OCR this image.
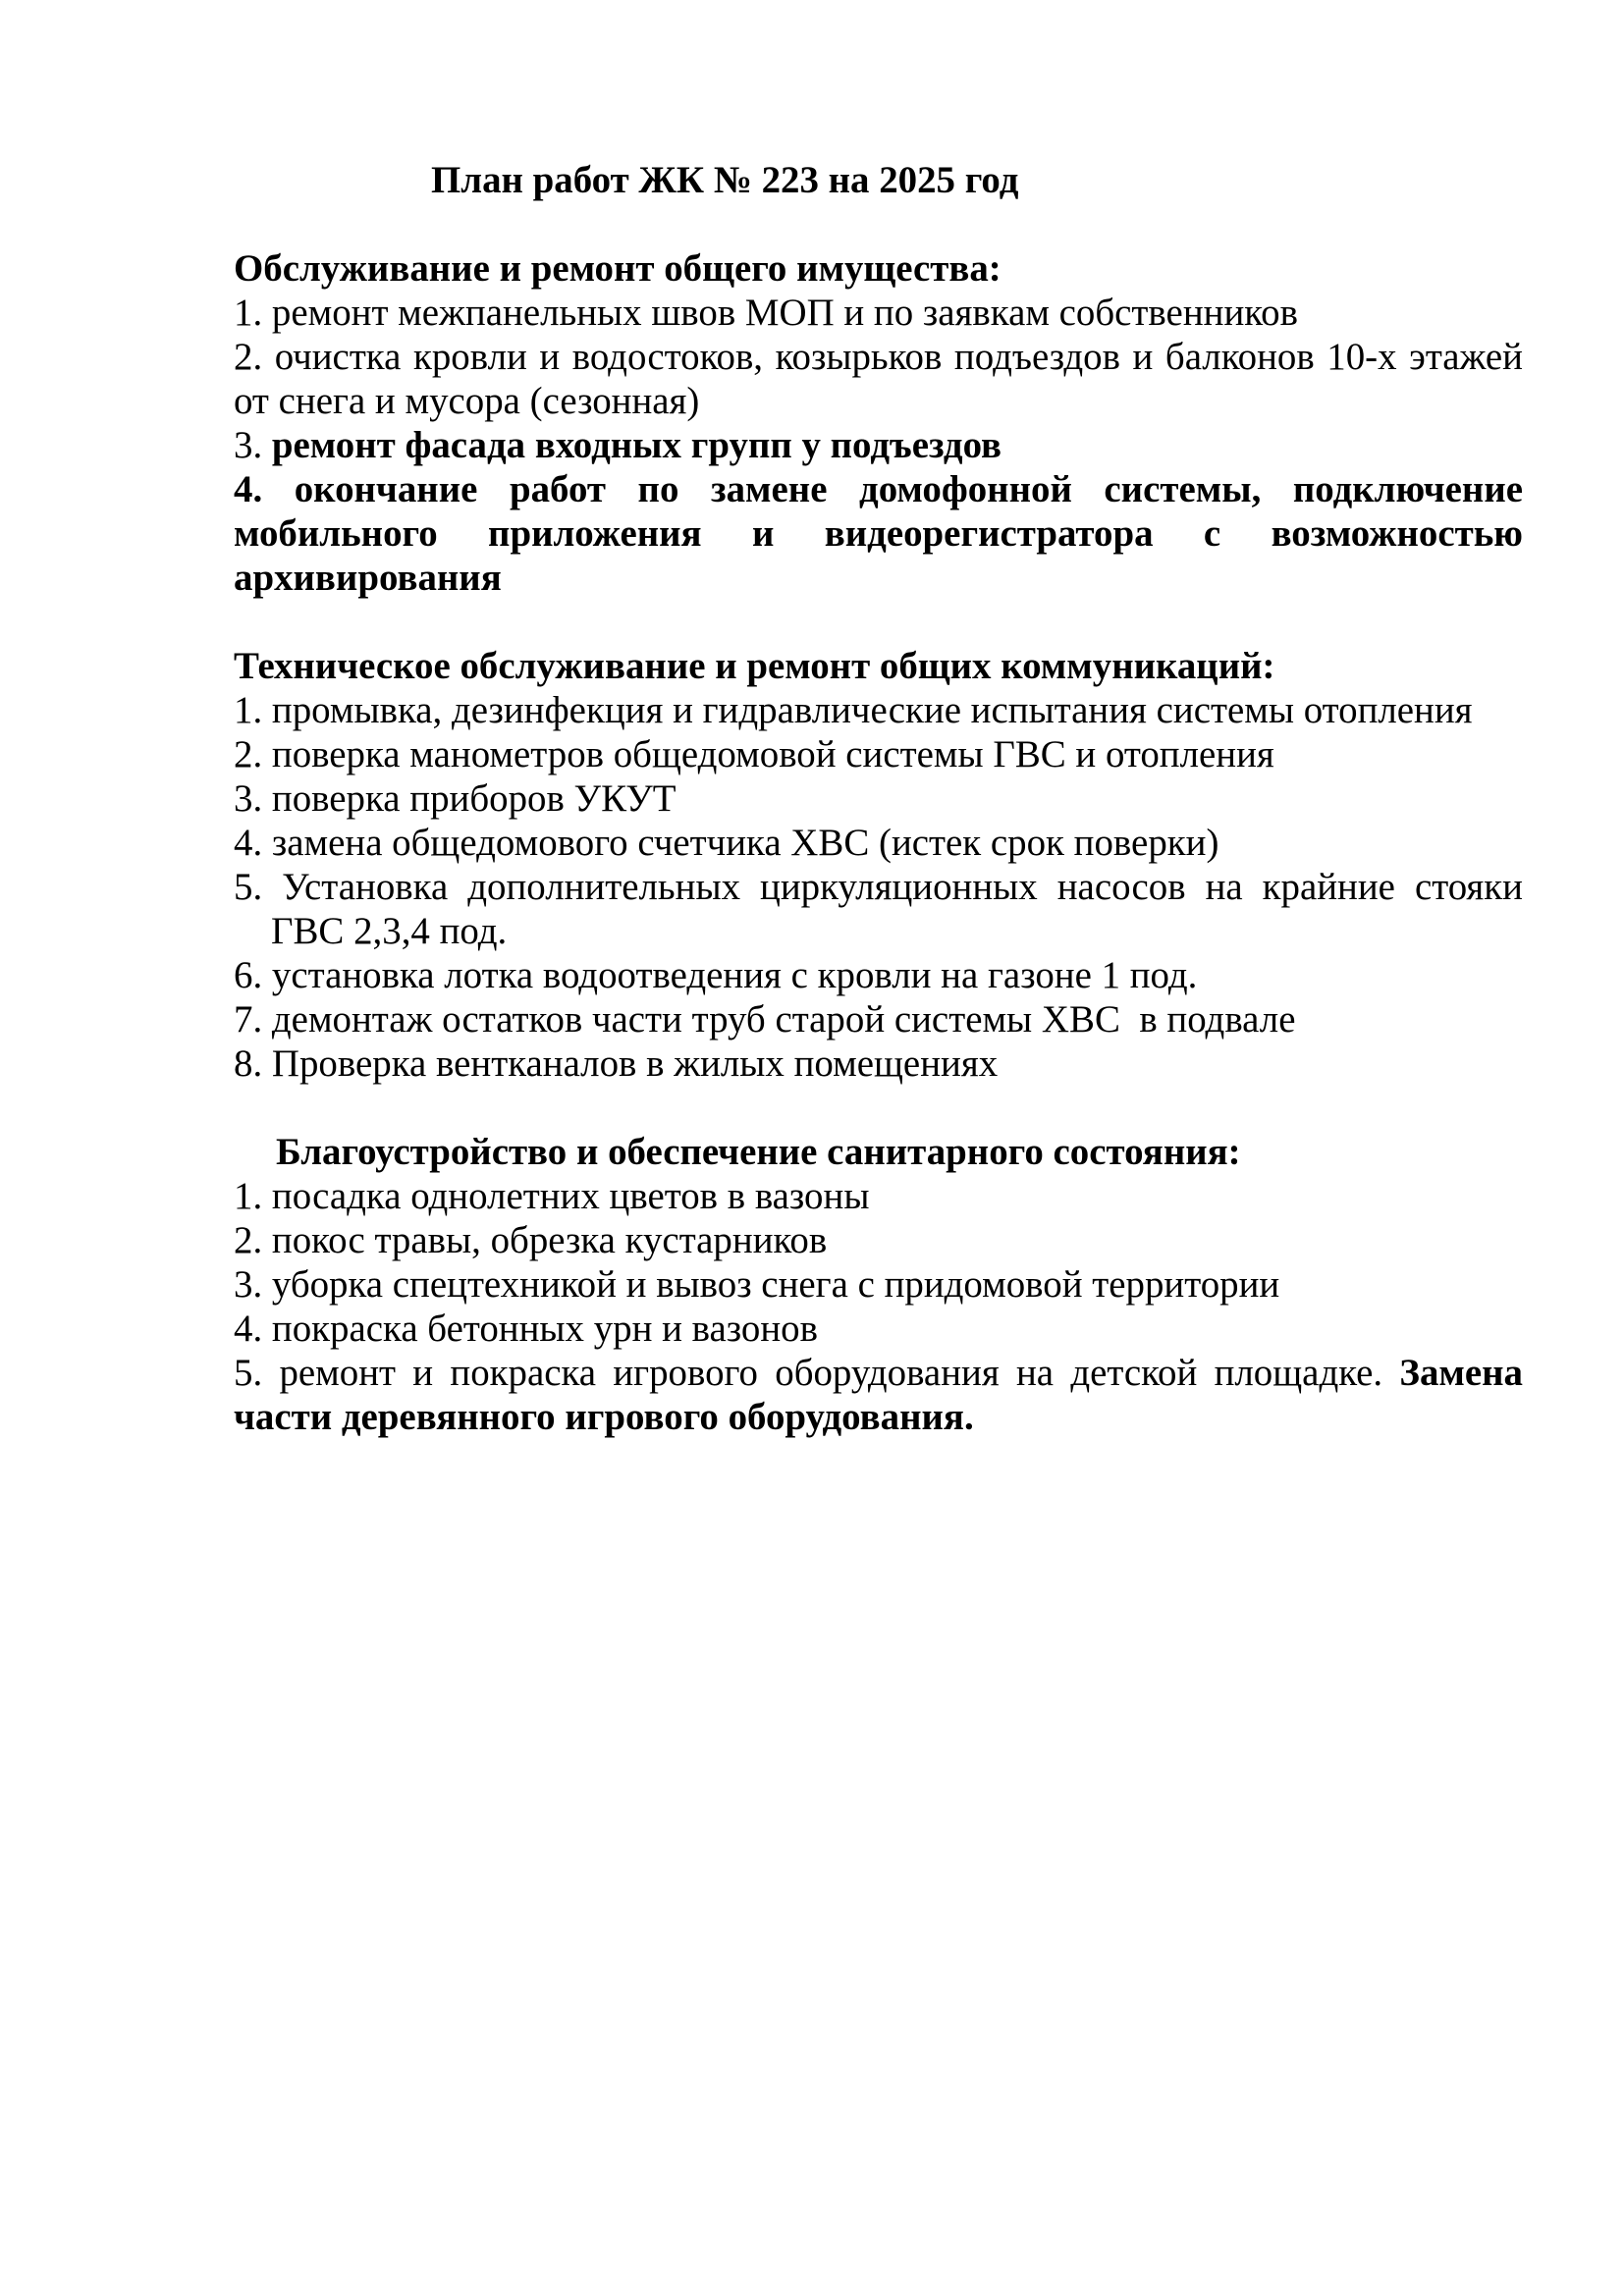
План работ ЖК № 223 на 2025 год
Обслуживание и ремонт общего имущества:

1. ремонт межпанельных швов МОП и по заявкам собственников

2. очистка кровли и водостоков, козырьков подъездов и балконов 10-х этажей от снега и мусора (сезонная)

3. ремонт фасада входных групп у подъездов

4. окончание работ по замене домофонной системы, подключение мобильного приложения и видеорегистратора с возможностью архивирования

Техническое обслуживание и ремонт общих коммуникаций:

1. промывка, дезинфекция и гидравлические испытания системы отопления

2. поверка манометров общедомовой системы ГВС и отопления

3. поверка приборов УКУТ

4. замена общедомового счетчика ХВС (истек срок поверки)

5. Установка дополнительных циркуляционных насосов на крайние стояки ГВС 2,3,4 под.

6. установка лотка водоотведения с кровли на газоне 1 под.

7. демонтаж остатков части труб старой системы ХВС  в подвале

8. Проверка вентканалов в жилых помещениях

Благоустройство и обеспечение санитарного состояния:

1. посадка однолетних цветов в вазоны

2. покос травы, обрезка кустарников

3. уборка спецтехникой и вывоз снега с придомовой территории

4. покраска бетонных урн и вазонов

5. ремонт и покраска игрового оборудования на детской площадке. Замена части деревянного игрового оборудования.
